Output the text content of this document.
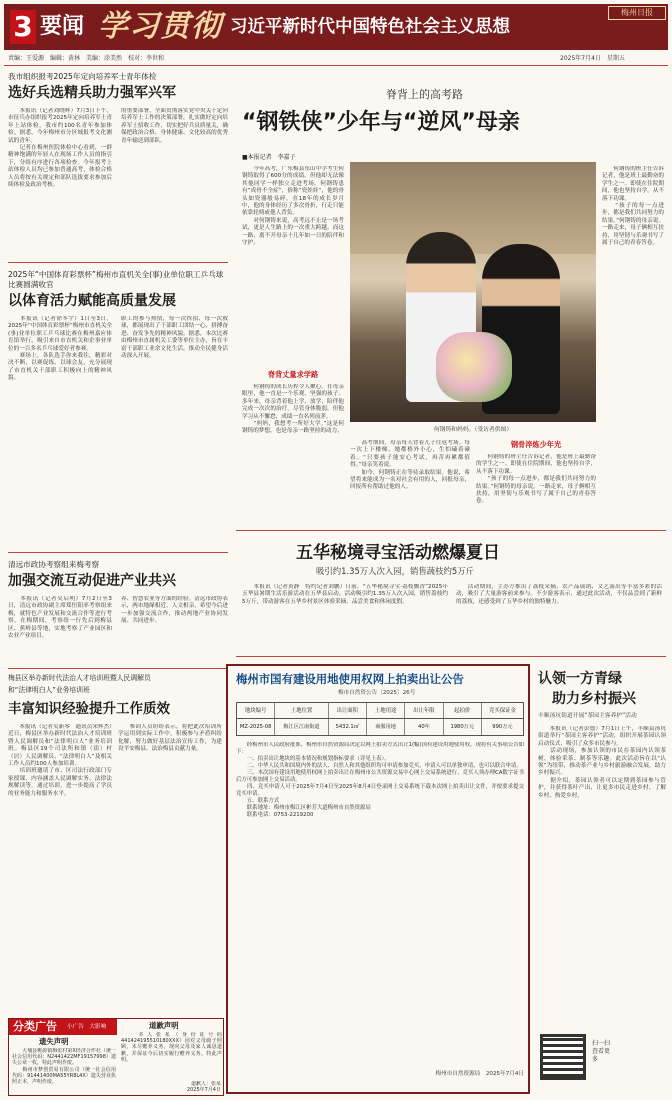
3 要闻 学习贯彻 习近平新时代中国特色社会主义思想
梅州日报
责编：王爱源　编辑：黄林　美编：涂美然　校对：李世和	2025年7月4日　星期五
我市组织报考2025年定向培养军士青年体检
选好兵选精兵助力强军兴军
　　本报讯（记者刘晓辉）7月3日下午，市征兵办组织报考2025年定向培养军士青年上站体检，我市约100名青年参加体检。据悉，今年梅州市分区域报考文化测试的青年。
　　记者在梅州医院体检中心看到，一群精神饱满的年轻人在现场工作人员的指引下，分组有序进行各项检查。今年报考上站体检人员均已参加普通高考，体检合格人员将按有关规定和部队选拔要求参加后续体检及政治考核。
的重要部署，全面贯彻落实党中央关于定向培养军士工作的决策部署，扎实做好定向培养军士招收工作，切实把好兵员质量关，确保把政治合格、身体健康、文化较高的优秀青年输送到部队。
2025年“中国体育彩票杯”梅州市直机关全(事)业单位职工乒乓球比赛圆满收官
以体育活力赋能高质量发展
　　本报讯（记者徐冬宇）1日至3日，2025年“中国体育彩票杯”梅州市直机关全(事)业单位职工乒乓球比赛在梅州嘉应体育馆举行，吸引来自市直机关和企事业单位的一百多名乒乓球爱好者参赛。
　　赛场上，各队选手你来我往，精彩对决不断，以赛促练、以球会友，充分展现了市直机关干部职工积极向上的精神风貌。
职工的参与热情，每一次挥拍、每一次救球，都展现出了干部职工团结一心、拼搏奋进、奋发争先的精神风貌。据悉，本次比赛由梅州市直属机关工委等单位主办，旨在丰富干部职工业余文化生活，推动全民健身活动深入开展。
清远市政协考察组来梅考察
加强交流互动促进产业共兴
　　本报讯（记者吴启明）7月2日至3日，清远市政协副主席郑恒阳率考察组来梅，就特色产业发展和交流合作等进行考察。在梅期间，考察组一行先后到梅县区、蕉岭县等地，实地考察了产业园区和农业产业项目。
养、智慧农业等方面的经验。清远市政协表示，两市地缘相近、人文相亲，希望今后进一步加强交流合作，推动两地产业协同发展、共同进步。
脊背上的高考路
“钢铁侠”少年与“逆风”母亲
■本报记者　李嘉子
　　今年高考，广东梅县东山中学考生何钢铸取得了600分的成绩，但他却无法像其他同学一样独立走进考场。何钢铸患有“成骨不全症”，俗称“瓷娃娃”，他的骨头如瓷器般易碎。在18年的成长岁月中，他的身体经历了多次骨折，行走只能依靠轮椅或他人背负。
　　对何钢铸来说，高考远不止是一场考试，更是人生路上的一次重大跨越。而这一路，离不开母亲十几年如一日的陪伴和守护。
何钢铸和妈妈。（受访者供图）
脊背丈量求学路
　　何钢铸的成长历程令人揪心。在母亲眼里，他一直是一个乐观、坚强的孩子。多年来，母亲背着他上学、放学，陪伴他完成一次次的治疗。尽管身体脆弱，但他学习从不懈怠，成绩一直名列前茅。
　　“妈妈，我想考一所好大学。”这是何钢铸的梦想，也是母亲一路坚持的动力。
　　高考期间，母亲每天背着儿子往返考场。每一次上下楼梯，她都格外小心，生怕磕着碰着。“只要孩子能安心考试，再苦再累都值得。”母亲笑着说。
　　如今，何钢铸正在等待录取结果。他说，希望将来能成为一名对社会有用的人，回报母亲，回报所有帮助过他的人。
钢骨淬炼少年光
　　何钢铸的班主任告诉记者，他是班上最勤奋的学生之一。即使在住院期间，他也坚持自学，从不落下功课。
　　“孩子的每一点进步，都是我们共同努力的结果。”何钢铸的母亲说。一路走来，母子俩相互扶持，用坚韧与乐观书写了属于自己的青春答卷。
　　何钢铸的班主任告诉记者，他是班上最勤奋的学生之一。即使在住院期间，他也坚持自学，从不落下功课。
　　“孩子的每一点进步，都是我们共同努力的结果。”何钢铸的母亲说。一路走来，母子俩相互扶持，用坚韧与乐观书写了属于自己的青春答卷。
五华秘境寻宝活动燃爆夏日
吸引约1.35万人次入园，销售蔬枝约5万斤
　　本报讯（记者黄静　特约记者刘鹏）日前，“五华秘境寻宝·荔枝飘香”2025年五华县暑期生活乐游活动在五华县启动。活动吸引约1.35万人次入园，销售荔枝约5万斤，带动游客在五华乡村景区体验采摘、品尝美食和休闲度假。
　　活动期间，主办方推出了荔枝采摘、农产品展销、文艺演出等丰富多彩的活动，吸引了大量游客前来参与。不少游客表示，通过此次活动，不仅品尝到了新鲜的荔枝，还感受到了五华乡村的独特魅力。
梅县区举办新时代法治人才培训班暨人民调解员
和“法律明白人”业务培训班
丰富知识经验提升工作质效
　　本报讯（记者吴新琴　通讯员宋辉杰）近日，梅县区举办新时代法治人才培训班暨人民调解员和“法律明白人”业务培训班。梅县区19个司法所和镇（街）村（居）人民调解员、“法律明白人”及相关工作人员约100人参加培训。
　　培训班邀请了市、区司法行政部门专家授课，内容涵盖人民调解实务、法律法规解读等。通过培训，进一步提高了学员的业务能力和服务水平。
　　参训人员纷纷表示，将把此次培训所学运用到实际工作中，积极参与矛盾纠纷化解，努力做好基层法治宣传工作，为建设平安梅县、法治梅县贡献力量。
梅州市国有建设用地使用权网上拍卖出让公告
梅市自然资公告〔2025〕26号
地块编号	土地位置	出让面积	土地用途	出让年限	起拍价	竞买保证金
MZ-2025-08	梅江区江南街道	5432.1㎡	商服用地	40年	1980万元	990万元
　　经梅州市人民政府批准，梅州市自然资源局决定以网上拍卖方式出让1(幅)国有建设用地使用权。现将有关事项公告如下：
　　一、拍卖出让地块的基本情况和规划指标要求（详见上表）。
　　二、中华人民共和国境内外的法人、自然人和其他组织均可申请参加竞买，申请人可以单独申请，也可以联合申请。
　　三、本次国有建设用地使用权网上拍卖出让在梅州市公共资源交易中心网上交易系统进行，竞买人须办理CA数字证书后方可参加网上交易活动。
　　四、竞买申请人可于2025年7月4日至2025年8月4日登录网上交易系统下载本次网上拍卖出让文件，并按要求提交竞买申请。
　　五、联系方式
　　联系地址：梅州市梅江区彬芳大道梅州市自然资源局
　　联系电话：0753-2219200
梅州市自然资源局　2025年7月4日
认领一方青绿
助力乡村振兴
丰顺汤坑街道开展“茶园主客养护”活动
　　本报讯（记者彭德）7月1日上午，丰顺县汤坑街道举行“茶园主客养护”活动，组织开展茶园认领启动仪式，吸引了众多市民参与。
　　活动现场，参加认领的市民在茶园内认领茶树，体验采茶、制茶等乐趣。此次活动旨在以“认领”为纽带，推动茶产业与乡村旅游融合发展，助力乡村振兴。
　　据介绍，茶园认领者可以定期到茶园参与管护，并获得茶叶产出，让更多市民走进乡村、了解乡村、热爱乡村。
扫一扫查看更多
分类广告 小广告　大影响
遗失声明
　　大埔县桃源镇梅张村第X经济合作社（统一社会信用代码：N2441422MF19157998）遗失公章一枚，特此声明作废。
　　梅州市梦创贸易有限公司（统一社会信用代码：91441400MA55YR8L4X）遗失营业执照正本，声明作废。
道歉声明
　　本人张某（身份证号码441424195510180XXX）因对父母疏于照顾，未尽赡养义务，现向父母及家人诚恳道歉，并保证今后切实履行赡养义务。特此声明。
道歉人：张某
2025年7月4日
